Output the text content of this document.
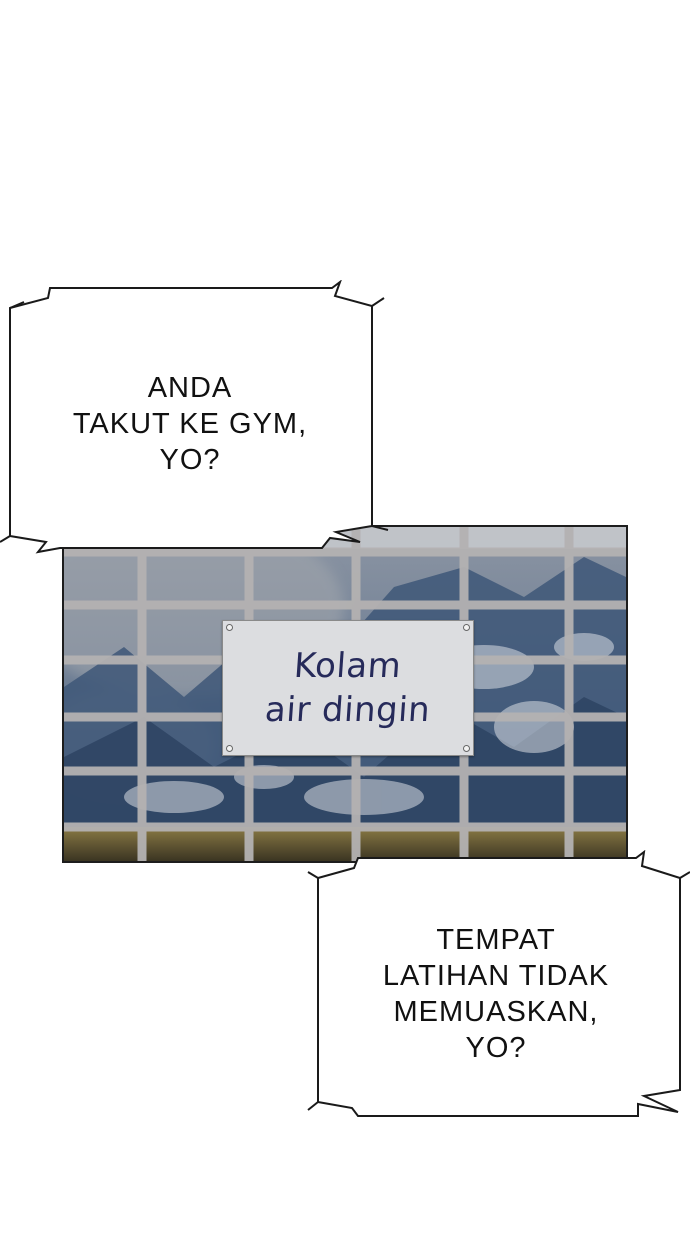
Kolam
air dingin
ANDA
TAKUT KE GYM,
YO?
TEMPAT
LATIHAN TIDAK
MEMUASKAN,
YO?
